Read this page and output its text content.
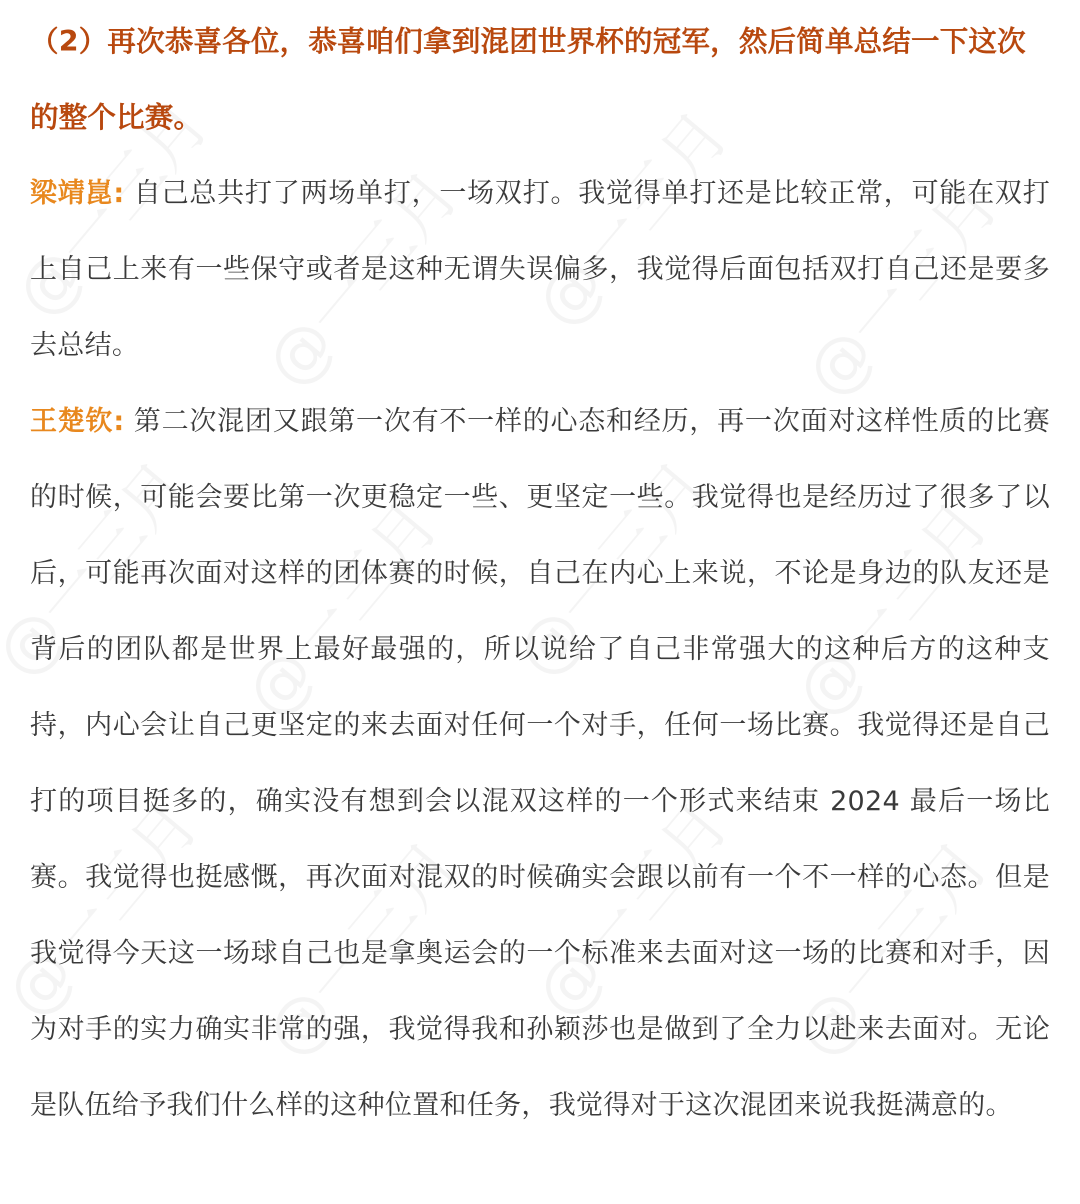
（2）再次恭喜各位，恭喜咱们拿到混团世界杯的冠军，然后简单总结一下这次的整个比赛。

梁靖崑: 自己总共打了两场单打，一场双打。我觉得单打还是比较正常，可能在双打上自己上来有一些保守或者是这种无谓失误偏多，我觉得后面包括双打自己还是要多去总结。

王楚钦: 第二次混团又跟第一次有不一样的心态和经历，再一次面对这样性质的比赛的时候，可能会要比第一次更稳定一些、更坚定一些。我觉得也是经历过了很多了以后，可能再次面对这样的团体赛的时候，自己在内心上来说，不论是身边的队友还是背后的团队都是世界上最好最强的，所以说给了自己非常强大的这种后方的这种支持，内心会让自己更坚定的来去面对任何一个对手，任何一场比赛。我觉得还是自己打的项目挺多的，确实没有想到会以混双这样的一个形式来结束 2024 最后一场比赛。我觉得也挺感慨，再次面对混双的时候确实会跟以前有一个不一样的心态。但是我觉得今天这一场球自己也是拿奥运会的一个标准来去面对这一场的比赛和对手，因为对手的实力确实非常的强，我觉得我和孙颖莎也是做到了全力以赴来去面对。无论是队伍给予我们什么样的这种位置和任务，我觉得对于这次混团来说我挺满意的。
